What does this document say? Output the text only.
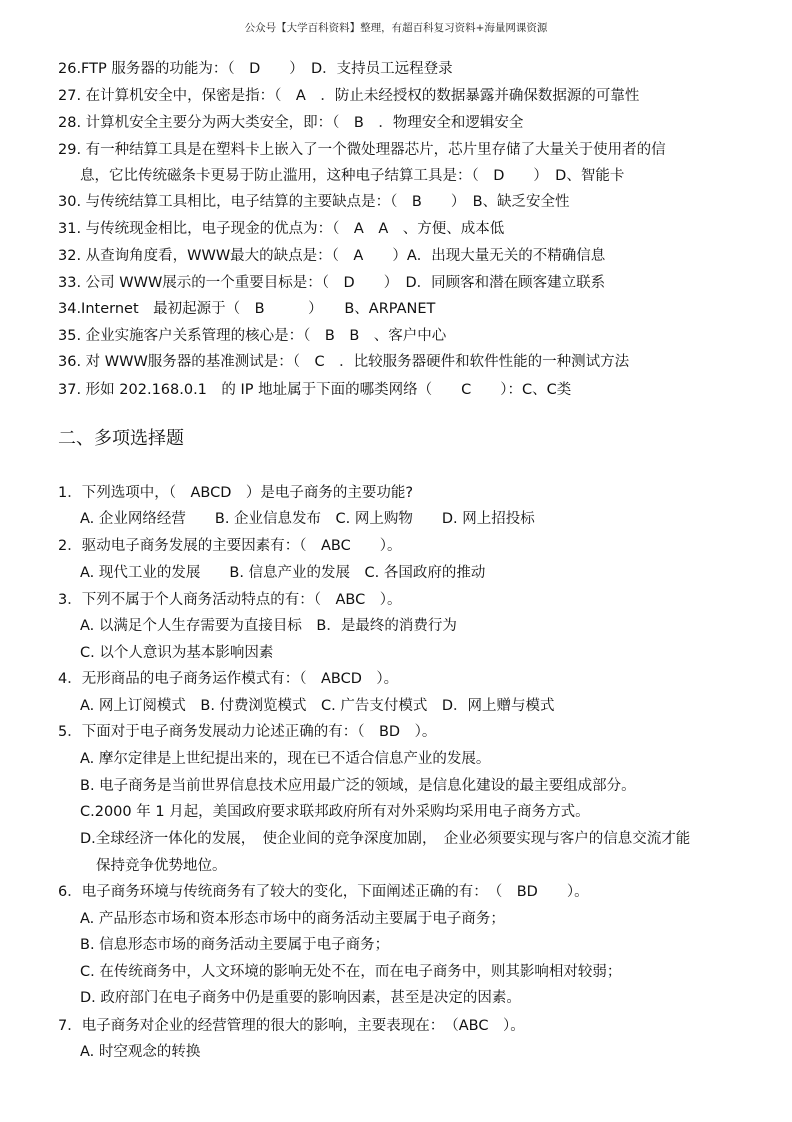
公众号【大学百科资料】整理，有超百科复习资料+海量网课资源
26.FTP 服务器的功能为：（　D　　）　D．支持员工远程登录
27. 在计算机安全中，保密是指：（　A　．防止未经授权的数据暴露并确保数据源的可靠性
28. 计算机安全主要分为两大类安全，即：（　B　．物理安全和逻辑安全
29. 有一种结算工具是在塑料卡上嵌入了一个微处理器芯片，芯片里存储了大量关于使用者的信
息，它比传统磁条卡更易于防止滥用，这种电子结算工具是：（　D　　）　D、智能卡
30. 与传统结算工具相比，电子结算的主要缺点是：（　B　　）　B、缺乏安全性
31. 与传统现金相比，电子现金的优点为：（　A　A　、方便、成本低
32. 从查询角度看，WWW最大的缺点是：（　A　　）A．出现大量无关的不精确信息
33. 公司 WWW展示的一个重要目标是：（　D　　）　D．同顾客和潜在顾客建立联系
34.Internet　最初起源于（　B　　　）　　B、ARPANET
35. 企业实施客户关系管理的核心是：（　B　B　、客户中心
36. 对 WWW服务器的基准测试是：（　C　．比较服务器硬件和软件性能的一种测试方法
37. 形如 202.168.0.1　的 IP 地址属于下面的哪类网络（　　C　　）：C、C类
二、多项选择题
1．下列选项中，（　ABCD　）是电子商务的主要功能?
A. 企业网络经营　　B. 企业信息发布　C. 网上购物　　D. 网上招投标
2．驱动电子商务发展的主要因素有：（　ABC　　）。
A. 现代工业的发展　　B. 信息产业的发展　C. 各国政府的推动
3．下列不属于个人商务活动特点的有：（　ABC　）。
A. 以满足个人生存需要为直接目标　B．是最终的消费行为
C. 以个人意识为基本影响因素
4．无形商品的电子商务运作模式有：（　ABCD　）。
A. 网上订阅模式　B. 付费浏览模式　C. 广告支付模式　D．网上赠与模式
5．下面对于电子商务发展动力论述正确的有：（　BD　）。
A. 摩尔定律是上世纪提出来的，现在已不适合信息产业的发展。
B. 电子商务是当前世界信息技术应用最广泛的领域，是信息化建设的最主要组成部分。
C.2000 年 1 月起，美国政府要求联邦政府所有对外采购均采用电子商务方式。
D.全球经济一体化的发展，　使企业间的竞争深度加剧，　企业必须要实现与客户的信息交流才能
保持竞争优势地位。
6．电子商务环境与传统商务有了较大的变化，下面阐述正确的有：　（　BD　　）。
A. 产品形态市场和资本形态市场中的商务活动主要属于电子商务；
B. 信息形态市场的商务活动主要属于电子商务；
C. 在传统商务中，人文环境的影响无处不在，而在电子商务中，则其影响相对较弱；
D. 政府部门在电子商务中仍是重要的影响因素，甚至是决定的因素。
7．电子商务对企业的经营管理的很大的影响，主要表现在：　（ABC　）。
A. 时空观念的转换
